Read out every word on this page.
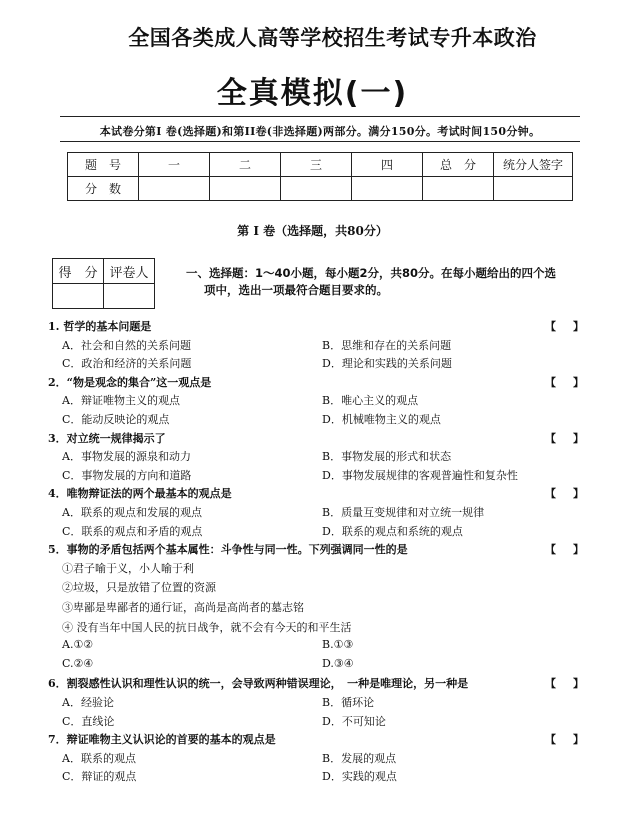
全国各类成人高等学校招生考试专升本政治
全真模拟(一)
本试卷分第I 卷(选择题)和第II卷(非选择题)两部分。满分150分。考试时间150分钟。
题　号	一	二	三	四	总　分	统分人签字
分　数						
第 I 卷（选择题，共80分）
得　分	评卷人
		一、选择题：1～40小题，每小题2分，共80分。在每小题给出的四个选
项中，选出一项最符合题目要求的。
1. 哲学的基本问题是	【 】
A．社会和自然的关系问题	B．思维和存在的关系问题
C．政治和经济的关系问题	D．理论和实践的关系问题
2．“物是观念的集合”这一观点是	【 】
A．辩证唯物主义的观点	B．唯心主义的观点
C．能动反映论的观点	D．机械唯物主义的观点
3．对立统一规律揭示了	【 】
A．事物发展的源泉和动力	B．事物发展的形式和状态
C．事物发展的方向和道路	D．事物发展规律的客观普遍性和复杂性
4．唯物辩证法的两个最基本的观点是	【 】
A．联系的观点和发展的观点	B．质量互变规律和对立统一规律
C．联系的观点和矛盾的观点	D．联系的观点和系统的观点
5．事物的矛盾包括两个基本属性：斗争性与同一性。下列强调同一性的是	【 】
①君子喻于义，小人喻于利
②垃圾，只是放错了位置的资源
③卑鄙是卑鄙者的通行证，高尚是高尚者的墓志铭
④ 没有当年中国人民的抗日战争，就不会有今天的和平生活
A.①②	B.①③
C.②④	D.③④
6．割裂感性认识和理性认识的统一，会导致两种错误理论，　一种是唯理论，另一种是	【 】
A．经验论	B．循环论
C．直线论	D．不可知论
7．辩证唯物主义认识论的首要的基本的观点是	【 】
A．联系的观点	B．发展的观点
C．辩证的观点	D．实践的观点
